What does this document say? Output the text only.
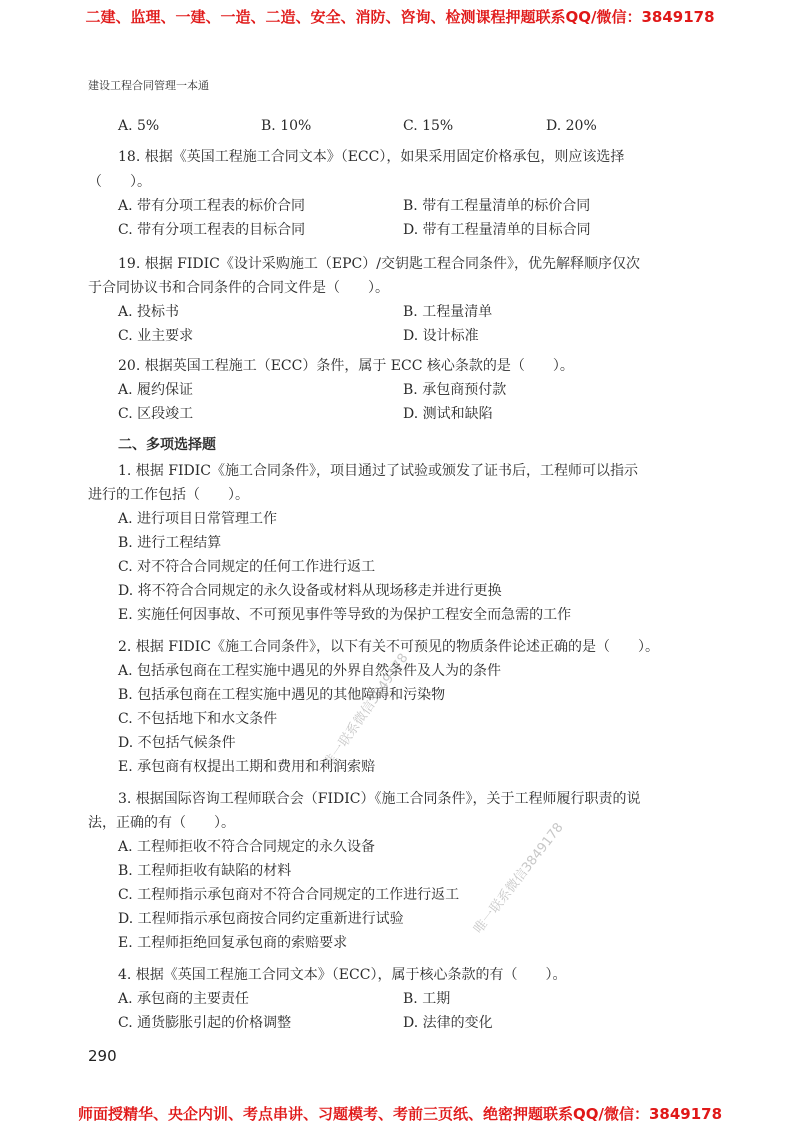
二建、监理、一建、一造、二造、安全、消防、咨询、检测课程押题联系QQ/微信：3849178
建设工程合同管理一本通
A. 5%	B. 10%	C. 15%	D. 20%
18. 根据《英国工程施工合同文本》（ECC），如果采用固定价格承包，则应该选择
（　　）。
A. 带有分项工程表的标价合同	B. 带有工程量清单的标价合同
C. 带有分项工程表的目标合同	D. 带有工程量清单的目标合同
19. 根据 FIDIC《设计采购施工（EPC）/交钥匙工程合同条件》，优先解释顺序仅次
于合同协议书和合同条件的合同文件是（　　）。
A. 投标书	B. 工程量清单
C. 业主要求	D. 设计标准
20. 根据英国工程施工（ECC）条件，属于 ECC 核心条款的是（　　）。
A. 履约保证	B. 承包商预付款
C. 区段竣工	D. 测试和缺陷
二、多项选择题
1. 根据 FIDIC《施工合同条件》，项目通过了试验或颁发了证书后，工程师可以指示
进行的工作包括（　　）。
A. 进行项目日常管理工作
B. 进行工程结算
C. 对不符合合同规定的任何工作进行返工
D. 将不符合合同规定的永久设备或材料从现场移走并进行更换
E. 实施任何因事故、不可预见事件等导致的为保护工程安全而急需的工作
2. 根据 FIDIC《施工合同条件》，以下有关不可预见的物质条件论述正确的是（　　）。
A. 包括承包商在工程实施中遇见的外界自然条件及人为的条件
B. 包括承包商在工程实施中遇见的其他障碍和污染物
C. 不包括地下和水文条件
D. 不包括气候条件
E. 承包商有权提出工期和费用和利润索赔
3. 根据国际咨询工程师联合会（FIDIC）《施工合同条件》，关于工程师履行职责的说
法，正确的有（　　）。
A. 工程师拒收不符合合同规定的永久设备
B. 工程师拒收有缺陷的材料
C. 工程师指示承包商对不符合合同规定的工作进行返工
D. 工程师指示承包商按合同约定重新进行试验
E. 工程师拒绝回复承包商的索赔要求
4. 根据《英国工程施工合同文本》（ECC），属于核心条款的有（　　）。
A. 承包商的主要责任	B. 工期
C. 通货膨胀引起的价格调整	D. 法律的变化
290
唯一联系微信3849178
唯一联系微信3849178
师面授精华、央企内训、考点串讲、习题模考、考前三页纸、绝密押题联系QQ/微信：3849178
